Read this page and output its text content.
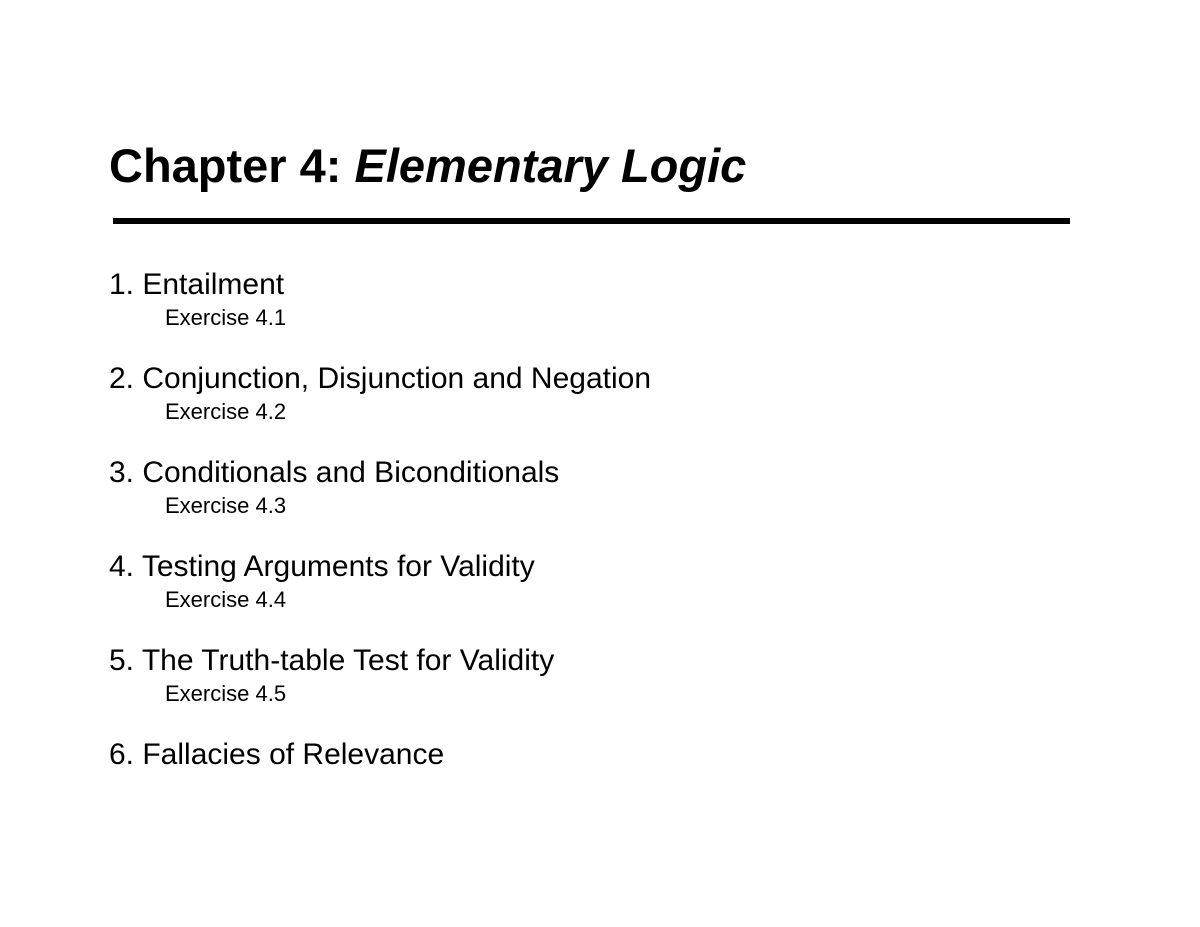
Chapter 4: Elementary Logic
1. Entailment
Exercise 4.1
2. Conjunction, Disjunction and Negation
Exercise 4.2
3. Conditionals and Biconditionals
Exercise 4.3
4. Testing Arguments for Validity
Exercise 4.4
5. The Truth-table Test for Validity
Exercise 4.5
6. Fallacies of Relevance
